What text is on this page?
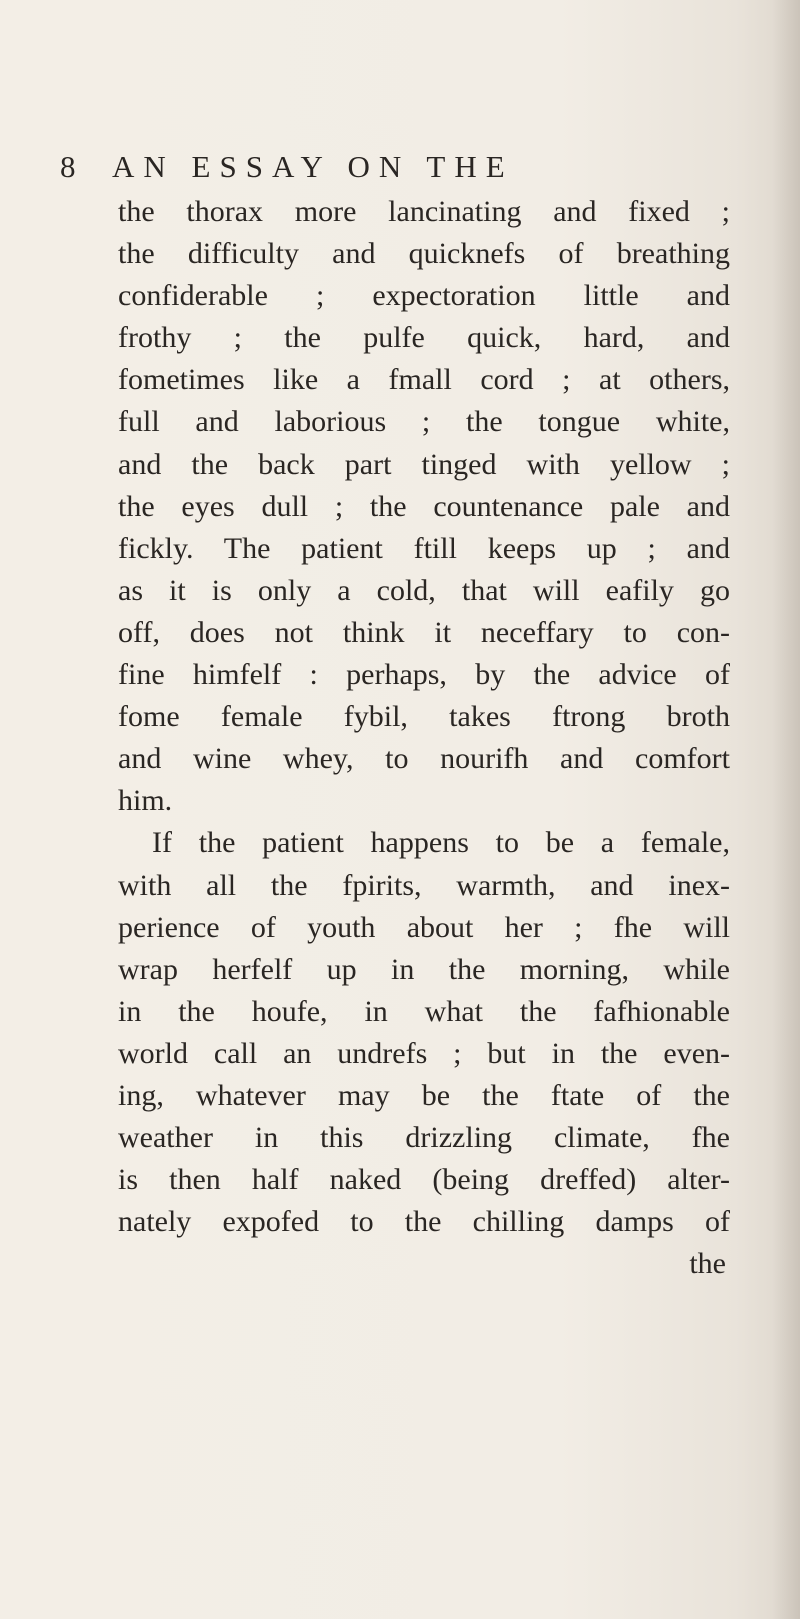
8 AN ESSAY ON THE
the thorax more lancinating and fixed ;
the difficulty and quicknefs of breathing
confiderable ; expectoration little and
frothy ; the pulfe quick, hard, and
fometimes like a fmall cord ; at others,
full and laborious ; the tongue white,
and the back part tinged with yellow ;
the eyes dull ; the countenance pale and
fickly. The patient ftill keeps up ; and
as it is only a cold, that will eafily go
off, does not think it neceffary to con-
fine himfelf : perhaps, by the advice of
fome female fybil, takes ftrong broth
and wine whey, to nourifh and comfort
him.
If the patient happens to be a female,
with all the fpirits, warmth, and inex-
perience of youth about her ; fhe will
wrap herfelf up in the morning, while
in the houfe, in what the fafhionable
world call an undrefs ; but in the even-
ing, whatever may be the ftate of the
weather in this drizzling climate, fhe
is then half naked (being dreffed) alter-
nately expofed to the chilling damps of
the
